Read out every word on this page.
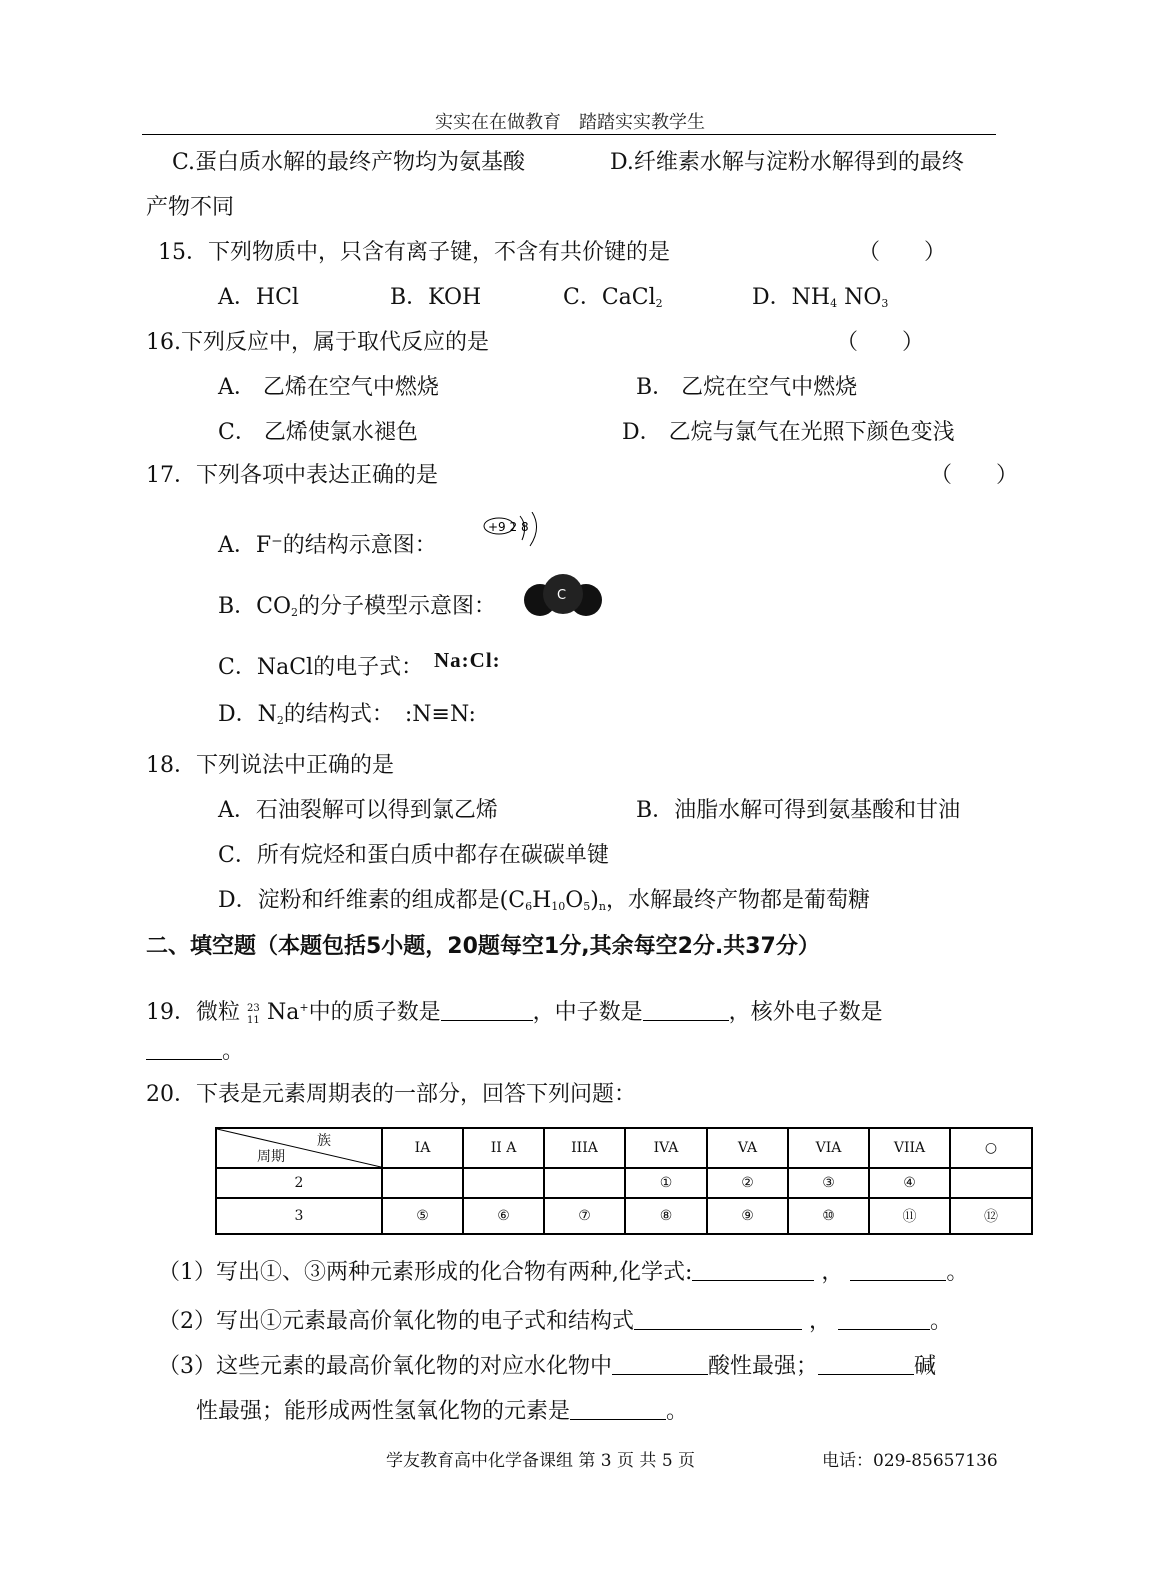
实实在在做教育　踏踏实实教学生
C.蛋白质水解的最终产物均为氨基酸	D.纤维素水解与淀粉水解得到的最终
产物不同
15．下列物质中，只含有离子键，不含有共价键的是	（　　）
A．HCl	B．KOH	C．CaCl$_2$	D．$NH_4$ $NO_3$
16.下列反应中，属于取代反应的是	（　　）
A． 乙烯在空气中燃烧	B． 乙烷在空气中燃烧
C． 乙烯使氯水褪色	D． 乙烷与氯气在光照下颜色变浅
17．下列各项中表达正确的是	（　　）
A．F⁻的结构示意图：
+9 2 8
B．$CO_2$的分子模型示意图：	C
C．NaCl的电子式： Na:Cl:
D．$N_2$的结构式：　:N≡N:
18．下列说法中正确的是
A．石油裂解可以得到氯乙烯	B．油脂水解可得到氨基酸和甘油
C．所有烷烃和蛋白质中都存在碳碳单键
D．淀粉和纤维素的组成都是$(C_6H_{10}O_5)_n$，水解最终产物都是葡萄糖
二、填空题（本题包括5小题，20题每空1分,其余每空2分.共37分）
19．微粒 23
11 Na+中的质子数是	，中子数是	，核外电子数是
。
20．下表是元素周期表的一部分，回答下列问题：
族
周期	IA	II A	IIIA	IVA	VA	VIA	VIIA	○
2				①	②	③	④	
3	⑤	⑥	⑦	⑧	⑨	⑩	⑪	⑫
（1）写出①、③两种元素形成的化合物有两种,化学式:	，	。
（2）写出①元素最高价氧化物的电子式和结构式	，	。
（3）这些元素的最高价氧化物的对应水化物中	酸性最强；	碱
性最强；能形成两性氢氧化物的元素是	。
学友教育高中化学备课组 第 3 页 共 5 页	电话：029-85657136
